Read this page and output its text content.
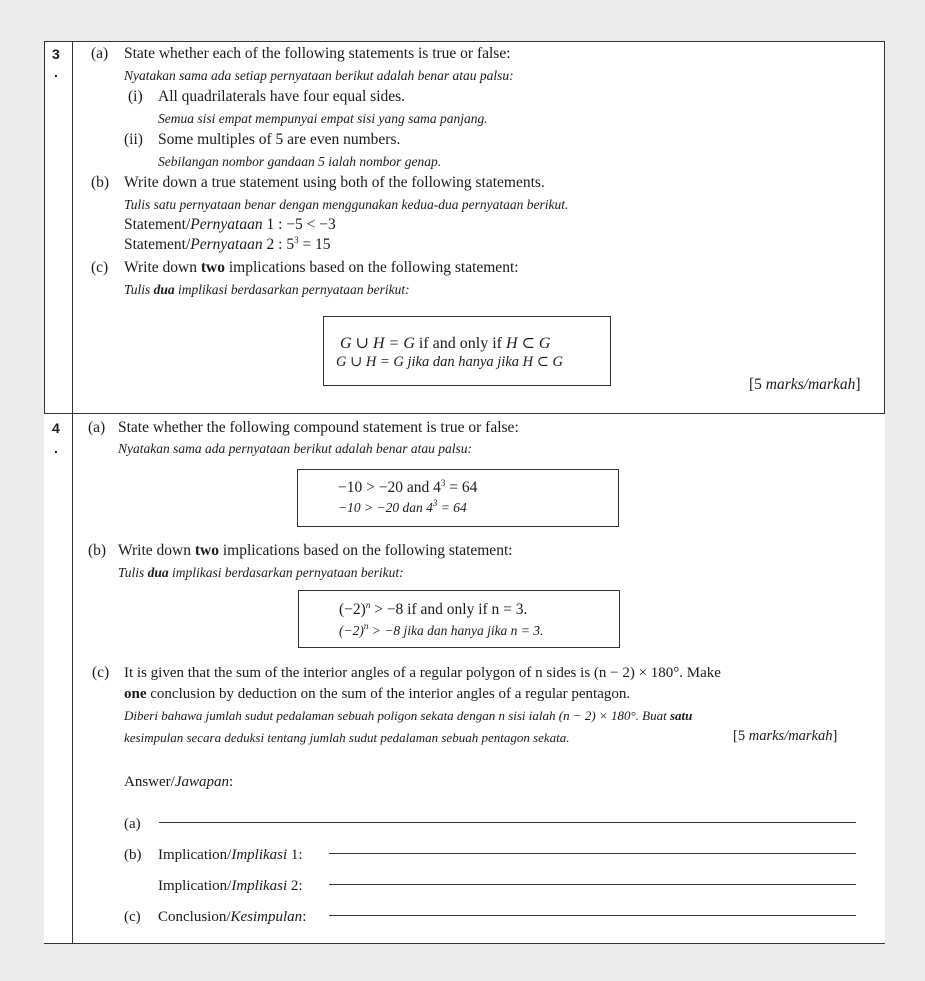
3
.
(a) State whether each of the following statements is true or false:
Nyatakan sama ada setiap pernyataan berikut adalah benar atau palsu:
(i) All quadrilaterals have four equal sides.
Semua sisi empat mempunyai empat sisi yang sama panjang.
(ii) Some multiples of 5 are even numbers.
Sebilangan nombor gandaan 5 ialah nombor genap.
(b) Write down a true statement using both of the following statements.
Tulis satu pernyataan benar dengan menggunakan kedua-dua pernyataan berikut.
Statement/Pernyataan 1 : −5 < −3
Statement/Pernyataan 2 : $5^3 = 15$
(c) Write down two implications based on the following statement:
Tulis dua implikasi berdasarkan pernyataan berikut:
G ∪ H = G if and only if H ⊂ G
G ∪ H = G jika dan hanya jika H ⊂ G
[5 marks/markah]
4
.
(a) State whether the following compound statement is true or false:
Nyatakan sama ada pernyataan berikut adalah benar atau palsu:
−10 > −20 and $4^3 = 64$
−10 > −20 dan $4^3 = 64$
(b) Write down two implications based on the following statement:
Tulis dua implikasi berdasarkan pernyataan berikut:
$(-2)^n > -8$ if and only if n = 3.
$(-2)^n > -8$ jika dan hanya jika n = 3.
(c) It is given that the sum of the interior angles of a regular polygon of n sides is (n − 2) × 180°. Make
one conclusion by deduction on the sum of the interior angles of a regular pentagon.
Diberi bahawa jumlah sudut pedalaman sebuah poligon sekata dengan n sisi ialah (n − 2) × 180°. Buat satu
kesimpulan secara deduksi tentang jumlah sudut pedalaman sebuah pentagon sekata.	[5 marks/markah]
Answer/Jawapan:
(a)
(b) Implication/Implikasi 1:
Implication/Implikasi 2:
(c) Conclusion/Kesimpulan:
